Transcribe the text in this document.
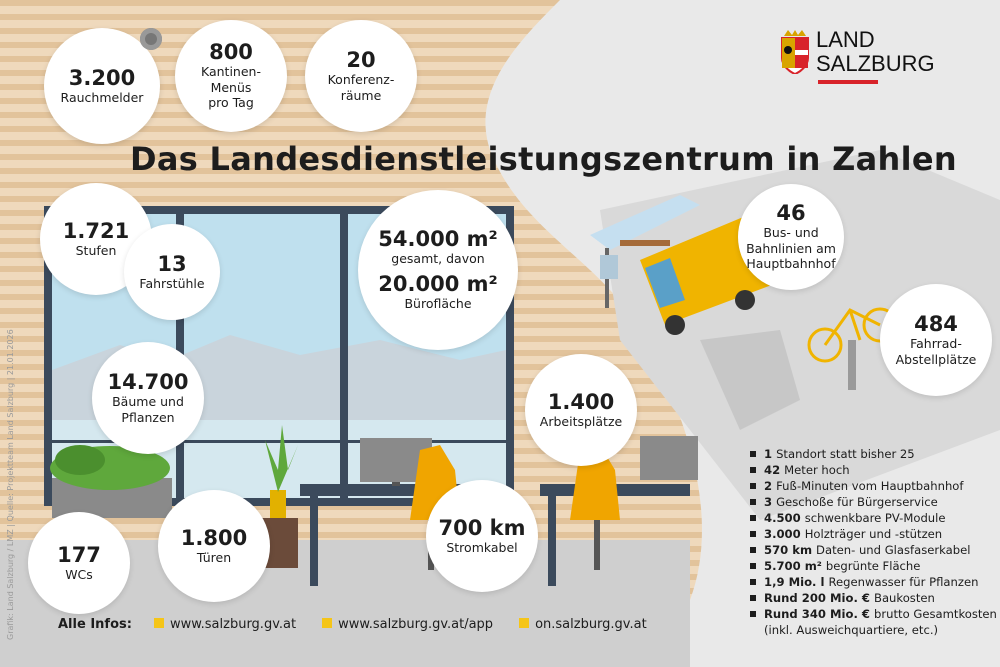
LAND
SALZBURG
Das Landesdienstleistungszentrum in Zahlen
3.200
Rauchmelder
800
Kantinen-
Menüs
pro Tag
20
Konferenz-
räume
1.721
Stufen
13
Fahrstühle
54.000 m²
gesamt, davon
20.000 m²
Bürofläche
46
Bus- und
Bahnlinien am
Hauptbahnhof
484
Fahrrad-
Abstellplätze
14.700
Bäume und
Pflanzen
1.400
Arbeitsplätze
177
WCs
1.800
Türen
700 km
Stromkabel
1 Standort statt bisher 25
42 Meter hoch
2 Fuß-Minuten vom Hauptbahnhof
3 Geschoße für Bürgerservice
4.500 schwenkbare PV-Module
3.000 Holzträger und -stützen
570 km Daten- und Glasfaserkabel
5.700 m² begrünte Fläche
1,9 Mio. l Regenwasser für Pflanzen
Rund 200 Mio. € Baukosten
Rund 340 Mio. € brutto Gesamtkosten
(inkl. Ausweichquartiere, etc.)
Alle Infos:	www.salzburg.gv.at	www.salzburg.gv.at/app	on.salzburg.gv.at
Grafik: Land Salzburg / LMZ | Quelle: Projektteam Land Salzburg | 21.01.2026
